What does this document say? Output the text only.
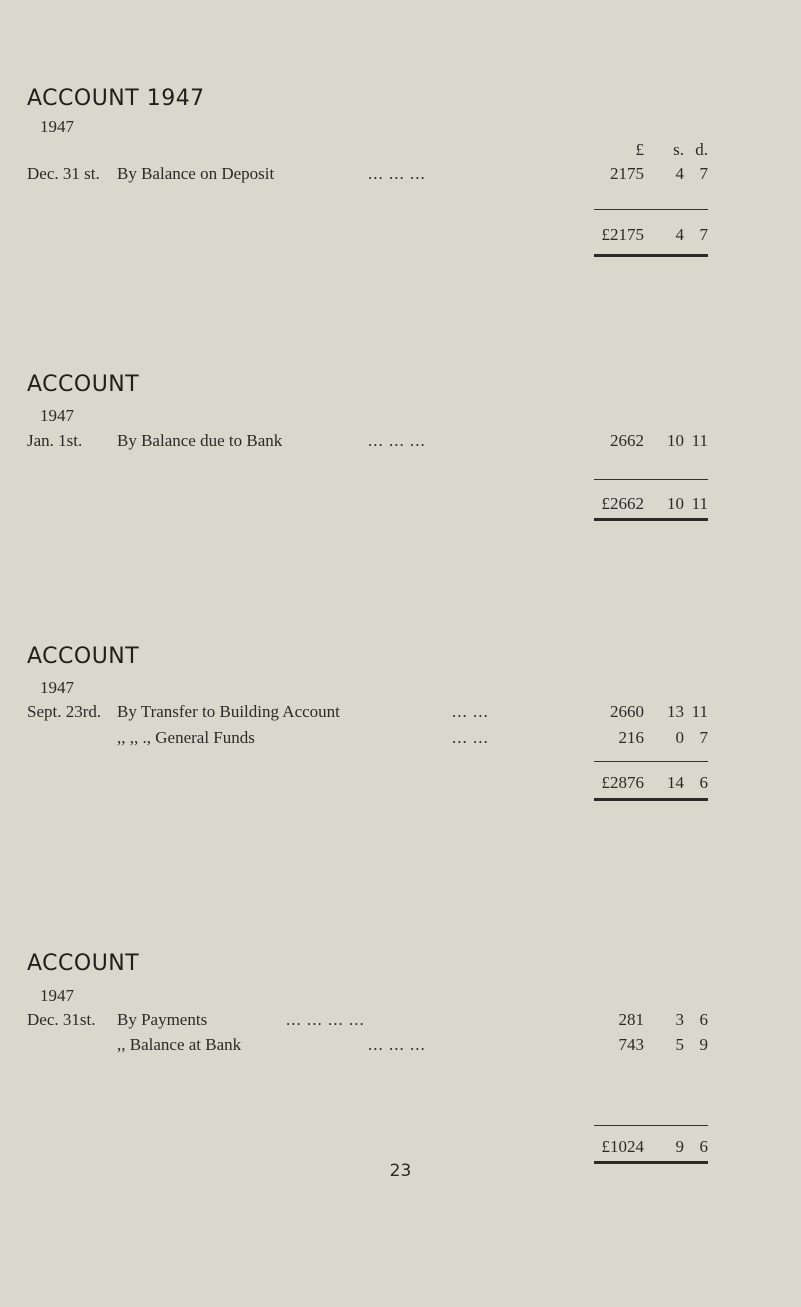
ACCOUNT 1947
1947
£	s. d.
Dec. 31 st. By Balance on Deposit	... ... ...	2175	4 7
£2175	4 7
ACCOUNT
1947
Jan. 1st. By Balance due to Bank	... ... ...	2662	10 11
£2662	10 11
ACCOUNT
1947
Sept. 23rd. By Transfer to Building Account	... ...	2660	13 11
,, ,, ., General Funds	... ...	216	0 7
£2876	14 6
ACCOUNT
1947
Dec. 31st. By Payments	... ... ... ...	281	3 6
,, Balance at Bank	... ... ...	743	5 9
£1024	9 6
23
